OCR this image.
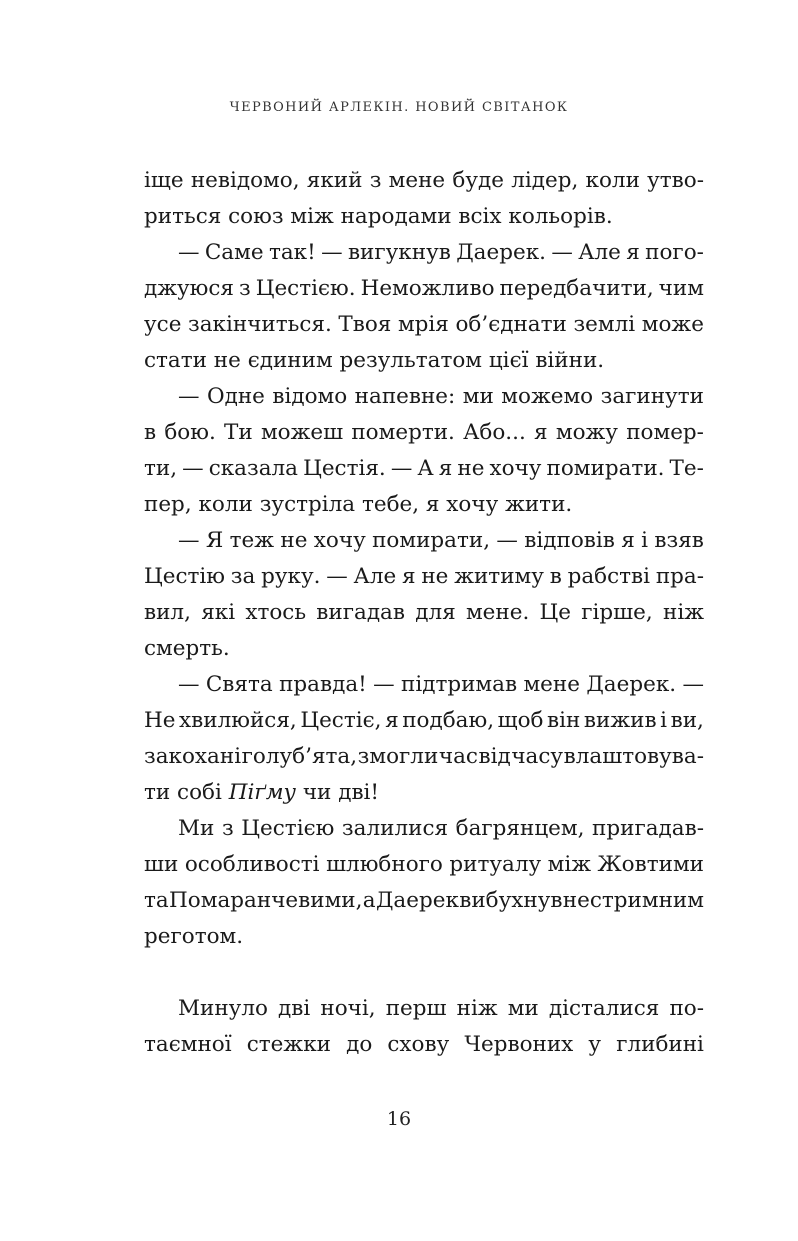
ЧЕРВОНИЙ АРЛЕКІН. НОВИЙ СВІТАНОК
іще невідомо, який з мене буде лідер, коли утво-
риться союз між народами всіх кольорів.
— Саме так! — вигукнув Даерек. — Але я пого-
джуюся з Цестією. Неможливо передбачити, чим
усе закінчиться. Твоя мрія об’єднати землі може
стати не єдиним результатом цієї війни.
— Одне відомо напевне: ми можемо загинути
в бою. Ти можеш померти. Або... я можу помер-
ти, — сказала Цестія. — А я не хочу помирати. Те-
пер, коли зустріла тебе, я хочу жити.
— Я теж не хочу помирати, — відповів я і взяв
Цестію за руку. — Але я не житиму в рабстві пра-
вил, які хтось вигадав для мене. Це гірше, ніж
смерть.
— Свята правда! — підтримав мене Даерек. —
Не хвилюйся, Цестіє, я подбаю, щоб він вижив і ви,
закохані голуб’ята, змогли час від часу влаштовува-
ти собі Піґму чи дві!
Ми з Цестією залилися багрянцем, пригадав-
ши особливості шлюбного ритуалу між Жовтими
та Помаранчевими, а Даерек вибухнув нестримним
реготом.
Минуло дві ночі, перш ніж ми дісталися по-
таємної стежки до схову Червоних у глибині
16
